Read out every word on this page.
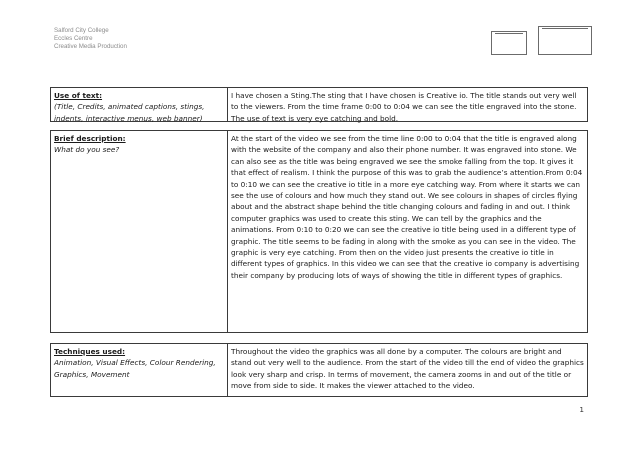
Salford City College
Eccles Centre
Creative Media Production
Use of text:
(Title, Credits, animated captions, stings, indents, interactive menus, web banner)
I have chosen a Sting.The sting that I have chosen is Creative io. The title stands out very well to the viewers. From the time frame 0:00 to 0:04 we can see the title engraved into the stone. The use of text is very eye catching and bold.
Brief description:
What do you see?
At the start of the video we see from the time line 0:00 to 0:04 that the title is engraved along with the website of the company and also their phone number. It was engraved into stone. We can also see as the title was being engraved we see the smoke falling from the top. It gives it that effect of realism. I think the purpose of this was to grab the audience’s attention.From 0:04 to 0:10 we can see the creative io title in a more eye catching way. From where it starts we can see the use of colours and how much they stand out. We see colours in shapes of circles flying about and the abstract shape behind the title changing colours and fading in and out. I think computer graphics was used to create this sting. We can tell by the graphics and the animations. From 0:10 to 0:20 we can see the creative io title being used in a different type of graphic. The title seems to be fading in along with the smoke as you can see in the video. The graphic is very eye catching. From then on the video just presents the creative io title in different types of graphics. In this video we can see that the creative io company is advertising their company by producing lots of ways of showing the title in different types of graphics.
Techniques used:
Animation, Visual Effects, Colour Rendering, Graphics, Movement
Throughout the video the graphics was all done by a computer. The colours are bright and stand out very well to the audience. From the start of the video till the end of video the graphics look very sharp and crisp. In terms of movement, the camera zooms in and out of the title or move from side to side. It makes the viewer attached to the video.
1
